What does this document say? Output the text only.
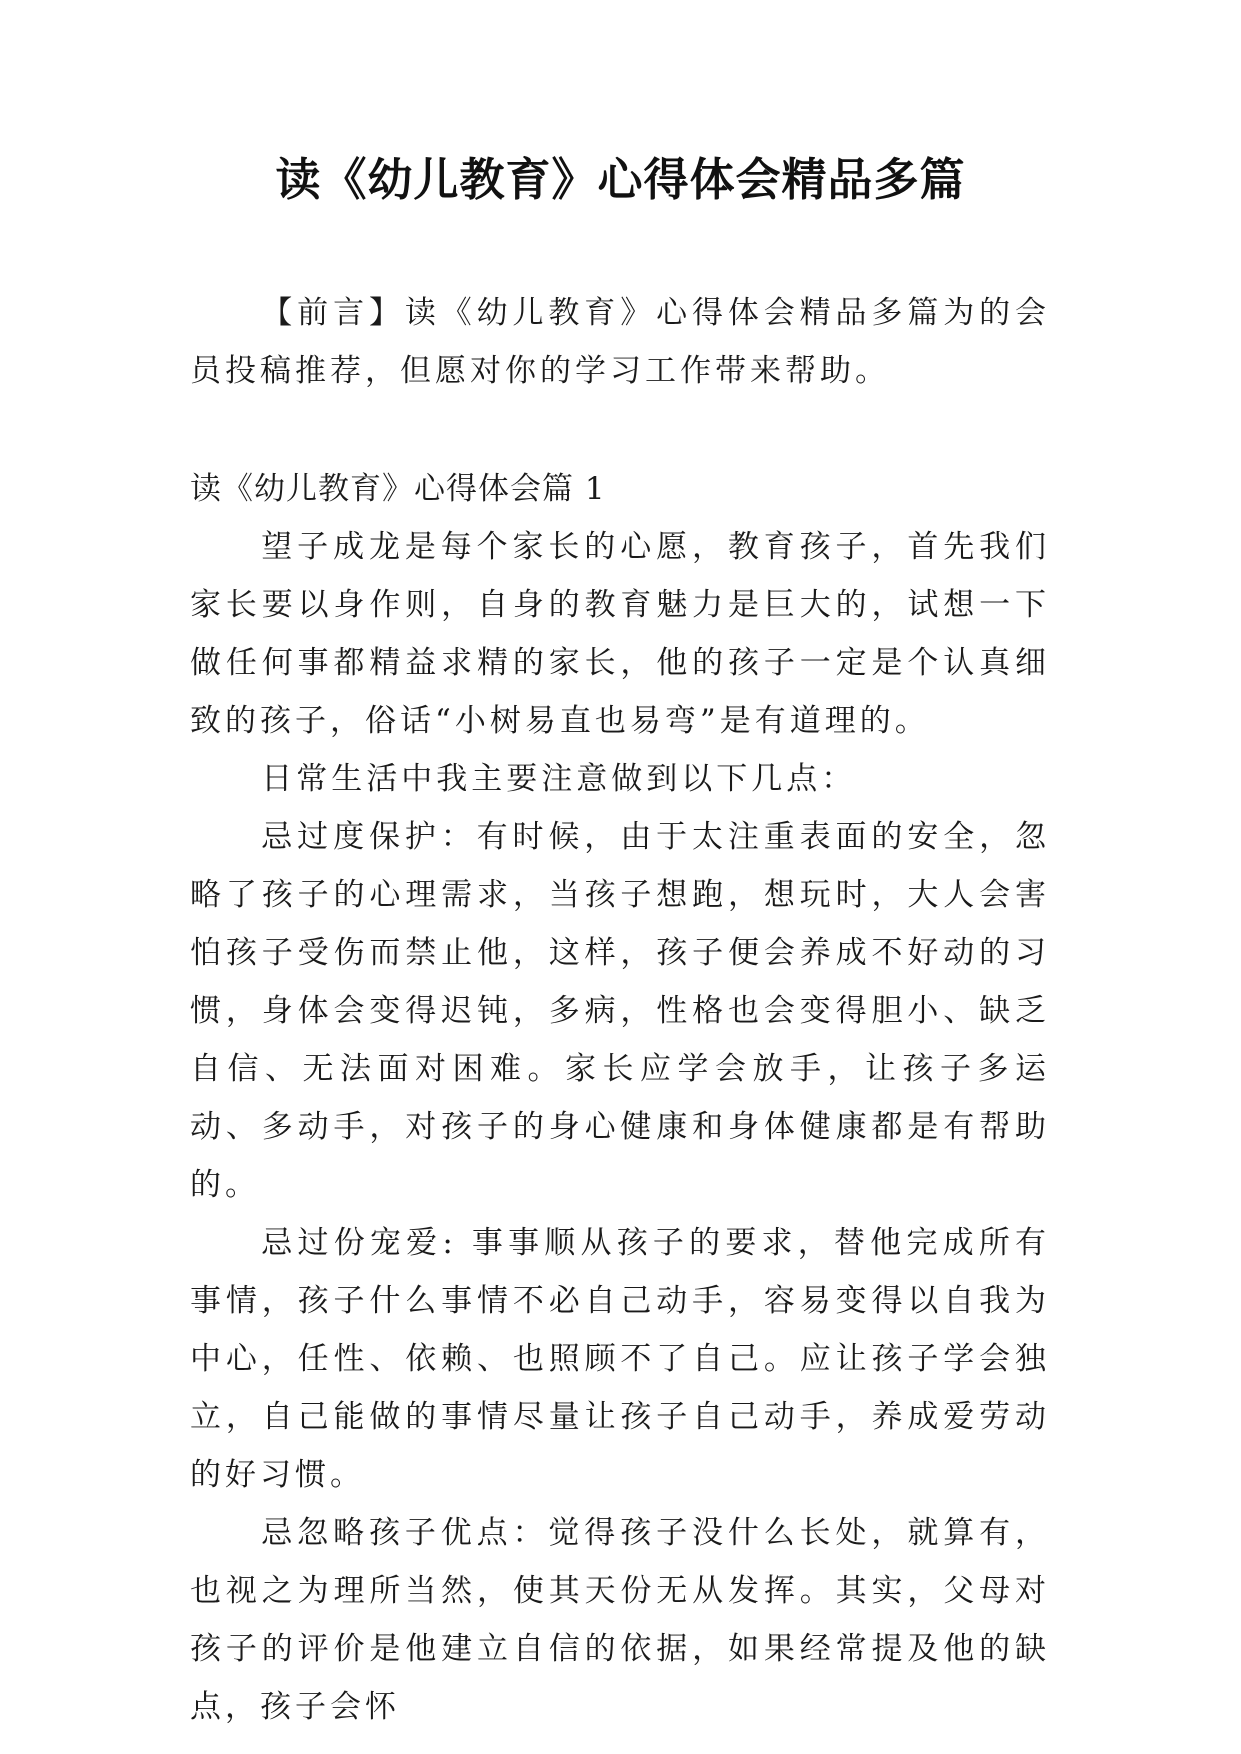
读《幼儿教育》心得体会精品多篇

【前言】读《幼儿教育》心得体会精品多篇为的会员投稿推荐，但愿对你的学习工作带来帮助。

读《幼儿教育》心得体会篇 1

望子成龙是每个家长的心愿，教育孩子，首先我们家长要以身作则，自身的教育魅力是巨大的，试想一下做任何事都精益求精的家长，他的孩子一定是个认真细致的孩子，俗话“小树易直也易弯”是有道理的。

日常生活中我主要注意做到以下几点：

忌过度保护：有时候，由于太注重表面的安全，忽略了孩子的心理需求，当孩子想跑，想玩时，大人会害怕孩子受伤而禁止他，这样，孩子便会养成不好动的习惯，身体会变得迟钝，多病，性格也会变得胆小、缺乏自信、无法面对困难。家长应学会放手，让孩子多运动、多动手，对孩子的身心健康和身体健康都是有帮助的。

忌过份宠爱: 事事顺从孩子的要求，替他完成所有事情，孩子什么事情不必自己动手，容易变得以自我为中心，任性、依赖、也照顾不了自己。应让孩子学会独立，自己能做的事情尽量让孩子自己动手，养成爱劳动的好习惯。

忌忽略孩子优点：觉得孩子没什么长处，就算有，也视之为理所当然，使其天份无从发挥。其实，父母对孩子的评价是他建立自信的依据，如果经常提及他的缺点，孩子会怀
